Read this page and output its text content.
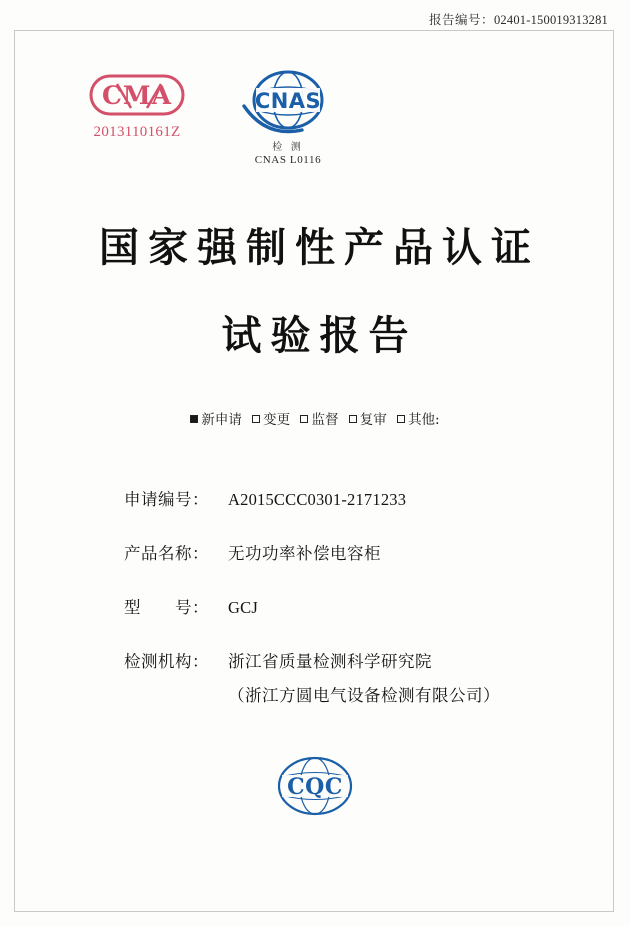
报告编号：02401-150019313281
CMA
2013110161Z
CNAS
检 测
CNAS L0116
国家强制性产品认证
试验报告
新申请 变更 监督 复审 其他:
申请编号：	A2015CCC0301-2171233
产品名称：	无功功率补偿电容柜
型　　号：	GCJ
检测机构：	浙江省质量检测科学研究院
（浙江方圆电气设备检测有限公司）
CQC
